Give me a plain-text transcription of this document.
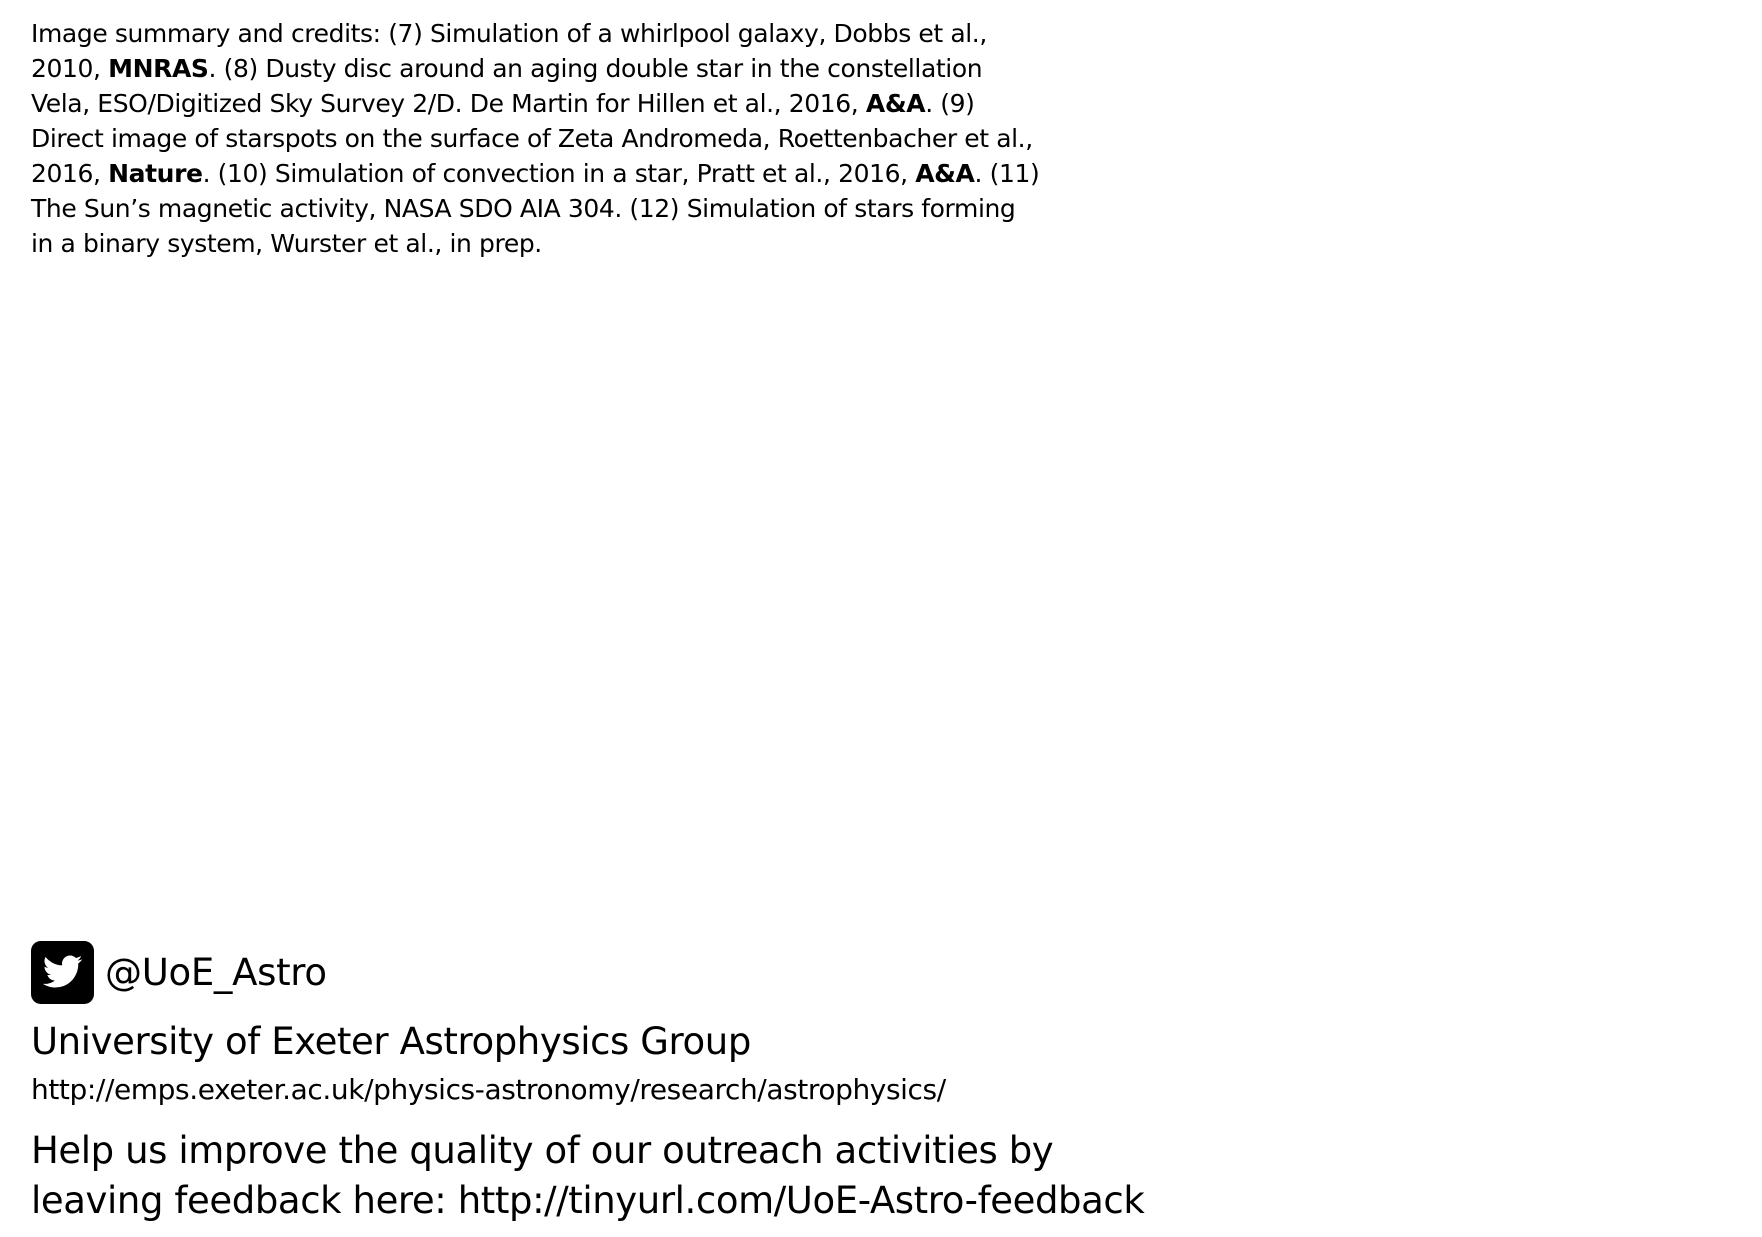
Image summary and credits: (7) Simulation of a whirlpool galaxy, Dobbs et al., 2010, MNRAS. (8) Dusty disc around an aging double star in the constellation Vela, ESO/Digitized Sky Survey 2/D. De Martin for Hillen et al., 2016, A&A. (9) Direct image of starspots on the surface of Zeta Andromeda, Roettenbacher et al., 2016, Nature. (10) Simulation of convection in a star, Pratt et al., 2016, A&A. (11) The Sun’s magnetic activity, NASA SDO AIA 304. (12) Simulation of stars forming in a binary system, Wurster et al., in prep.

@UoE_Astro

University of Exeter Astrophysics Group

http://emps.exeter.ac.uk/physics-astronomy/research/astrophysics/

Help us improve the quality of our outreach activities by
leaving feedback here: http://tinyurl.com/UoE-Astro-feedback
